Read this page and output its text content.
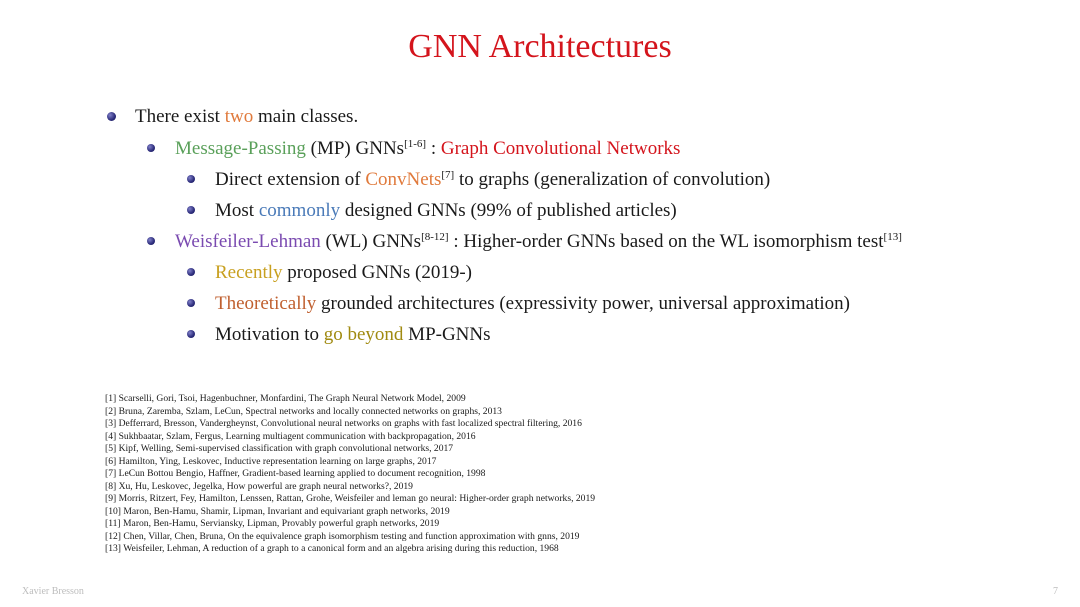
GNN Architectures
There exist two main classes.
Message-Passing (MP) GNNs[1-6] : Graph Convolutional Networks
Direct extension of ConvNets[7] to graphs (generalization of convolution)
Most commonly designed GNNs (99% of published articles)
Weisfeiler-Lehman (WL) GNNs[8-12] : Higher-order GNNs based on the WL isomorphism test[13]
Recently proposed GNNs (2019-)
Theoretically grounded architectures (expressivity power, universal approximation)
Motivation to go beyond MP-GNNs
[1] Scarselli, Gori, Tsoi, Hagenbuchner, Monfardini, The Graph Neural Network Model, 2009
[2] Bruna, Zaremba, Szlam, LeCun, Spectral networks and locally connected networks on graphs, 2013
[3] Defferrard, Bresson, Vandergheynst, Convolutional neural networks on graphs with fast localized spectral filtering, 2016
[4] Sukhbaatar, Szlam, Fergus, Learning multiagent communication with backpropagation, 2016
[5] Kipf, Welling, Semi-supervised classification with graph convolutional networks, 2017
[6] Hamilton, Ying, Leskovec, Inductive representation learning on large graphs, 2017
[7] LeCun Bottou Bengio, Haffner, Gradient-based learning applied to document recognition, 1998
[8] Xu, Hu, Leskovec, Jegelka, How powerful are graph neural networks?, 2019
[9] Morris, Ritzert, Fey, Hamilton, Lenssen, Rattan, Grohe, Weisfeiler and leman go neural: Higher-order graph networks, 2019
[10] Maron, Ben-Hamu, Shamir, Lipman, Invariant and equivariant graph networks, 2019
[11] Maron, Ben-Hamu, Serviansky, Lipman, Provably powerful graph networks, 2019
[12] Chen, Villar, Chen, Bruna, On the equivalence graph isomorphism testing and function approximation with gnns, 2019
[13] Weisfeiler, Lehman, A reduction of a graph to a canonical form and an algebra arising during this reduction, 1968
Xavier Bresson	7
